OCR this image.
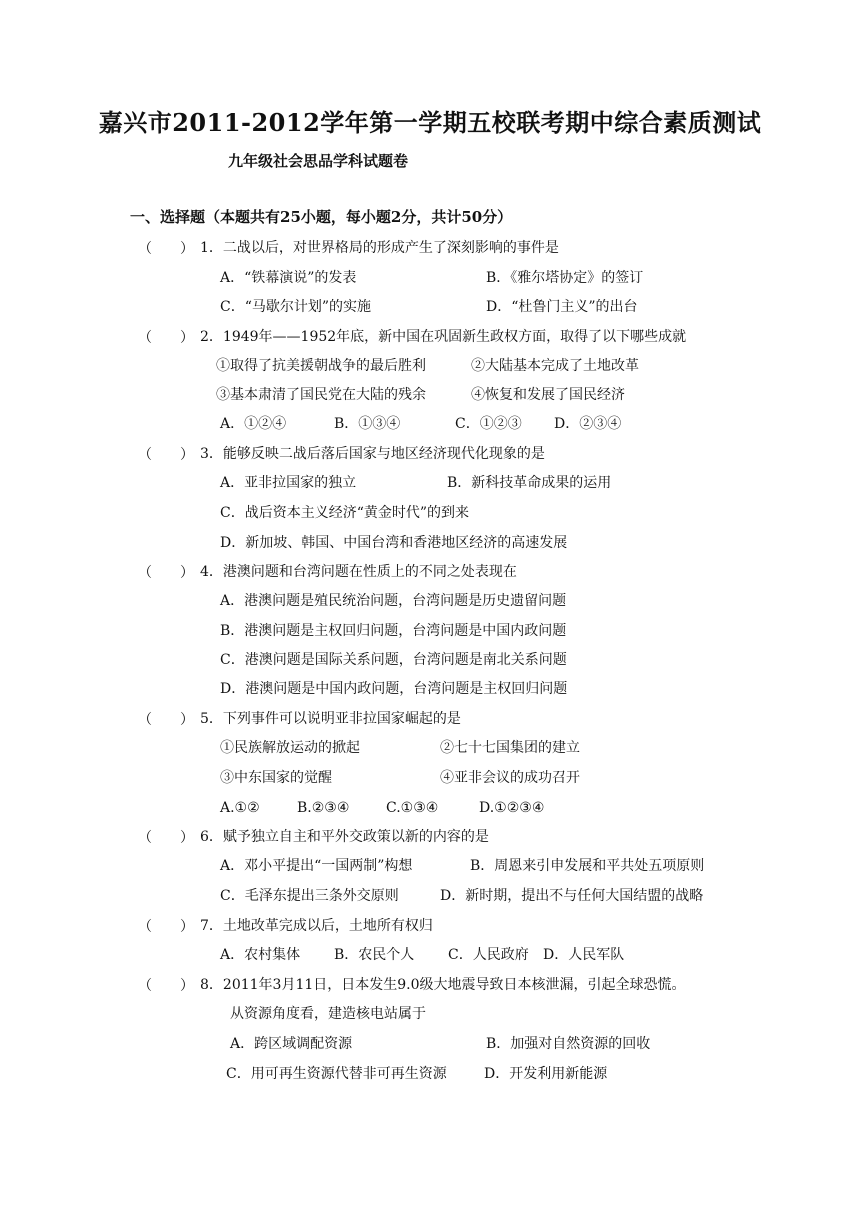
嘉兴市2011-2012学年第一学期五校联考期中综合素质测试
九年级社会思品学科试题卷
一、选择题（本题共有25小题，每小题2分，共计50分）
（　　） 1．二战以后，对世界格局的形成产生了深刻影响的事件是
A．“铁幕演说”的发表	B．《雅尔塔协定》的签订
C．“马歇尔计划”的实施	D．“杜鲁门主义”的出台
（　　） 2．1949年——1952年底，新中国在巩固新生政权方面，取得了以下哪些成就
①取得了抗美援朝战争的最后胜利	②大陆基本完成了土地改革
③基本肃清了国民党在大陆的残余	④恢复和发展了国民经济
A．①②④	B．①③④	C．①②③ D．②③④
（　　） 3．能够反映二战后落后国家与地区经济现代化现象的是
A．亚非拉国家的独立	B．新科技革命成果的运用
C．战后资本主义经济“黄金时代”的到来
D．新加坡、韩国、中国台湾和香港地区经济的高速发展
（　　） 4．港澳问题和台湾问题在性质上的不同之处表现在
A．港澳问题是殖民统治问题，台湾问题是历史遗留问题
B．港澳问题是主权回归问题，台湾问题是中国内政问题
C．港澳问题是国际关系问题，台湾问题是南北关系问题
D．港澳问题是中国内政问题，台湾问题是主权回归问题
（　　） 5．下列事件可以说明亚非拉国家崛起的是
①民族解放运动的掀起	②七十七国集团的建立
③中东国家的觉醒	④亚非会议的成功召开
A.①②	B.②③④	C.①③④	D.①②③④
（　　） 6．赋予独立自主和平外交政策以新的内容的是
A．邓小平提出“一国两制”构想	B．周恩来引申发展和平共处五项原则
C．毛泽东提出三条外交原则	D．新时期，提出不与任何大国结盟的战略
（　　） 7．土地改革完成以后，土地所有权归
A．农村集体 B．农民个人 C．人民政府 D．人民军队
（　　） 8．2011年3月11日，日本发生9.0级大地震导致日本核泄漏，引起全球恐慌。
从资源角度看，建造核电站属于
A．跨区域调配资源	B．加强对自然资源的回收
C．用可再生资源代替非可再生资源	D．开发利用新能源
